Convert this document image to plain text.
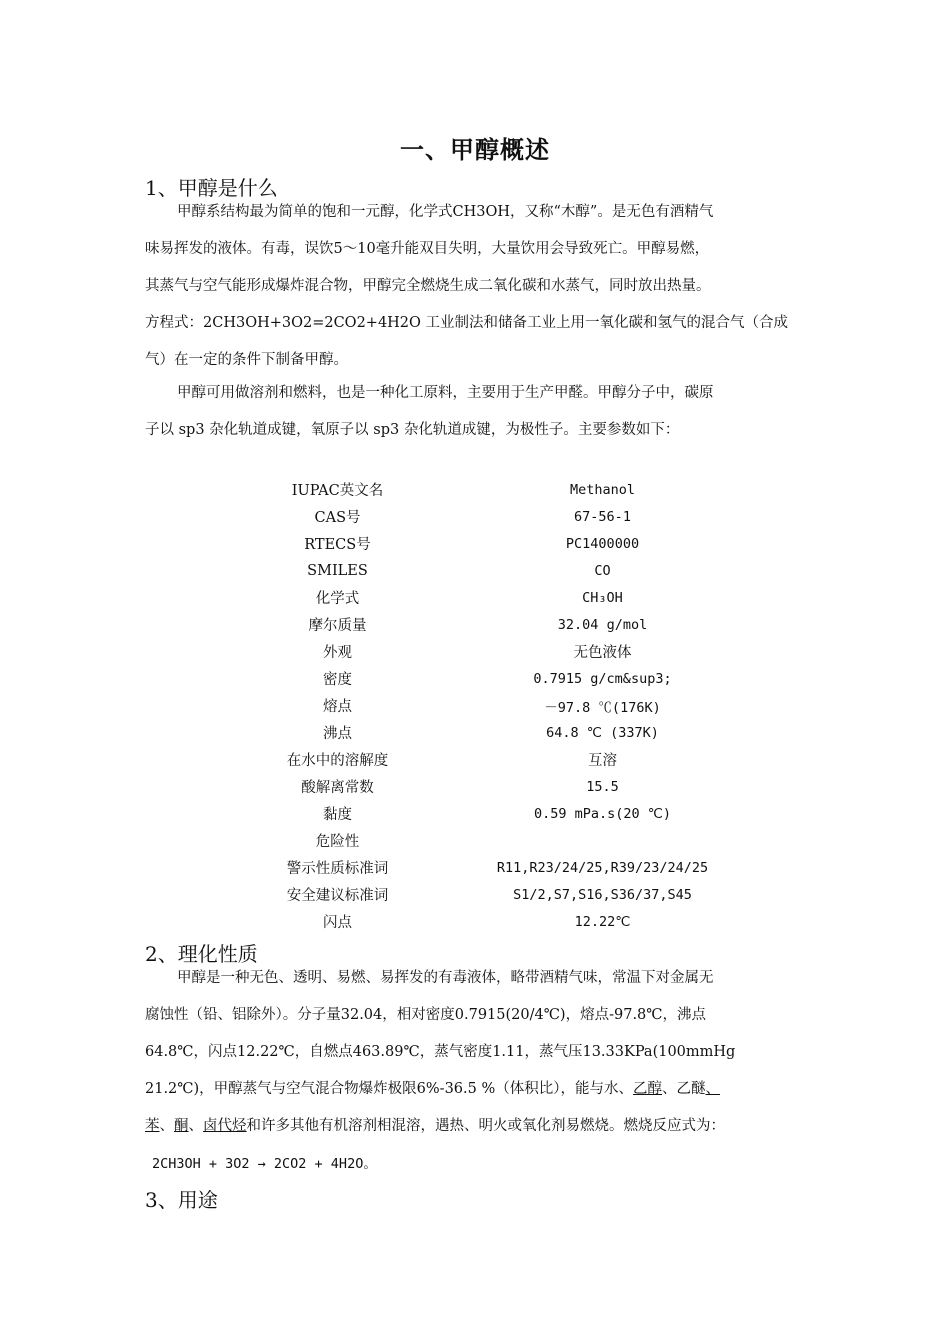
一、甲醇概述
1、甲醇是什么
甲醇系结构最为简单的饱和一元醇，化学式CH3OH，又称“木醇”。是无色有酒精气
味易挥发的液体。有毒，误饮5～10毫升能双目失明，大量饮用会导致死亡。甲醇易燃，
其蒸气与空气能形成爆炸混合物，甲醇完全燃烧生成二氧化碳和水蒸气，同时放出热量。
方程式：2CH3OH+3O2=2CO2+4H2O 工业制法和储备工业上用一氧化碳和氢气的混合气（合成
气）在一定的条件下制备甲醇。
甲醇可用做溶剂和燃料，也是一种化工原料，主要用于生产甲醛。甲醇分子中，碳原
子以 sp3 杂化轨道成键，氧原子以 sp3 杂化轨道成键，为极性子。主要参数如下：
IUPAC英文名	Methanol
CAS号	67-56-1
RTECS号	PC1400000
SMILES	CO
化学式	CH₃OH
摩尔质量	32.04 g/mol
外观	无色液体
密度	0.7915 g/cm&sup3;
熔点	－97.8 ℃(176K)
沸点	64.8 ℃ (337K)
在水中的溶解度	互溶
酸解离常数	15.5
黏度	0.59 mPa.s(20 ℃)
危险性	
警示性质标准词	R11,R23/24/25,R39/23/24/25
安全建议标准词	S1/2,S7,S16,S36/37,S45
闪点	12.22℃
2、理化性质
甲醇是一种无色、透明、易燃、易挥发的有毒液体，略带酒精气味，常温下对金属无
腐蚀性（铅、铝除外）。分子量32.04，相对密度0.7915(20/4℃)，熔点-97.8℃，沸点
64.8℃，闪点12.22℃，自燃点463.89℃，蒸气密度1.11，蒸气压13.33KPa(100mmHg
21.2℃)，甲醇蒸气与空气混合物爆炸极限6%-36.5 %（体积比），能与水、乙醇、乙醚、
苯、酮、卤代烃和许多其他有机溶剂相混溶，遇热、明火或氧化剂易燃烧。燃烧反应式为：
2CH3OH + 3O2 → 2CO2 + 4H2O。
3、用途
